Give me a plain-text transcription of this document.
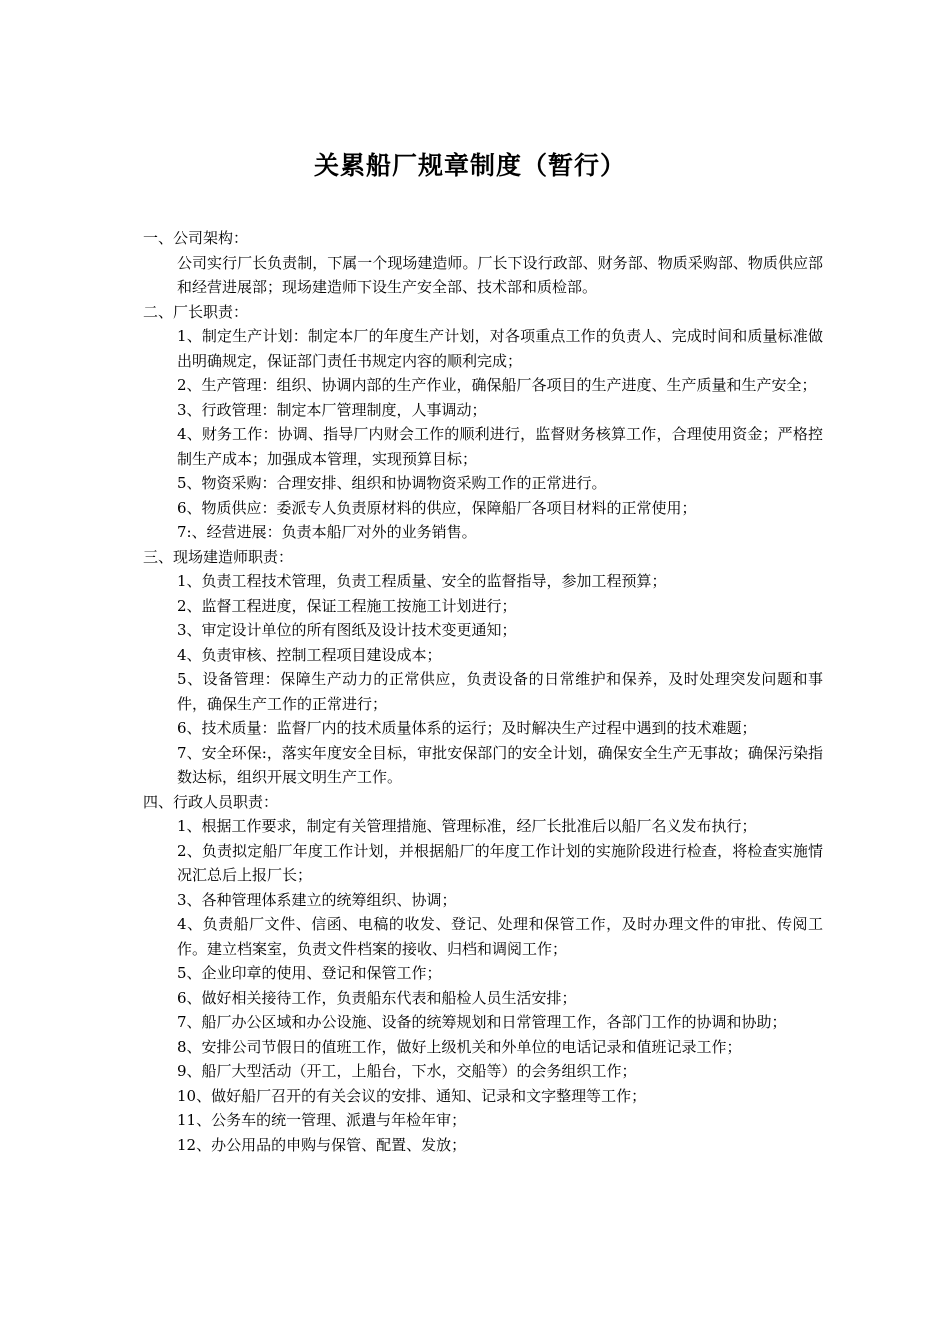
关累船厂规章制度（暂行）

一、公司架构：

公司实行厂长负责制，下属一个现场建造师。厂长下设行政部、财务部、物质采购部、物质供应部和经营进展部；现场建造师下设生产安全部、技术部和质检部。

二、厂长职责：

1、制定生产计划：制定本厂的年度生产计划，对各项重点工作的负责人、完成时间和质量标准做出明确规定，保证部门责任书规定内容的顺利完成；

2、生产管理：组织、协调内部的生产作业，确保船厂各项目的生产进度、生产质量和生产安全；

3、行政管理：制定本厂管理制度，人事调动；

4、财务工作：协调、指导厂内财会工作的顺利进行，监督财务核算工作，合理使用资金；严格控制生产成本；加强成本管理，实现预算目标；

5、物资采购：合理安排、组织和协调物资采购工作的正常进行。

6、物质供应：委派专人负责原材料的供应，保障船厂各项目材料的正常使用；

7:、经营进展：负责本船厂对外的业务销售。

三、现场建造师职责：

1、负责工程技术管理，负责工程质量、安全的监督指导，参加工程预算；

2、监督工程进度，保证工程施工按施工计划进行；

3、审定设计单位的所有图纸及设计技术变更通知；

4、负责审核、控制工程项目建设成本；

5、设备管理：保障生产动力的正常供应，负责设备的日常维护和保养，及时处理突发问题和事件，确保生产工作的正常进行；

6、技术质量：监督厂内的技术质量体系的运行；及时解决生产过程中遇到的技术难题；

7、安全环保:，落实年度安全目标，审批安保部门的安全计划，确保安全生产无事故；确保污染指数达标，组织开展文明生产工作。

四、行政人员职责：

1、根据工作要求，制定有关管理措施、管理标准，经厂长批准后以船厂名义发布执行；

2、负责拟定船厂年度工作计划，并根据船厂的年度工作计划的实施阶段进行检查，将检查实施情况汇总后上报厂长；

3、各种管理体系建立的统筹组织、协调；

4、负责船厂文件、信函、电稿的收发、登记、处理和保管工作，及时办理文件的审批、传阅工作。建立档案室，负责文件档案的接收、归档和调阅工作；

5、企业印章的使用、登记和保管工作；

6、做好相关接待工作，负责船东代表和船检人员生活安排；

7、船厂办公区域和办公设施、设备的统筹规划和日常管理工作，各部门工作的协调和协助；

8、安排公司节假日的值班工作，做好上级机关和外单位的电话记录和值班记录工作；

9、船厂大型活动（开工，上船台，下水，交船等）的会务组织工作；

10、做好船厂召开的有关会议的安排、通知、记录和文字整理等工作；

11、公务车的统一管理、派遣与年检年审；

12、办公用品的申购与保管、配置、发放；
